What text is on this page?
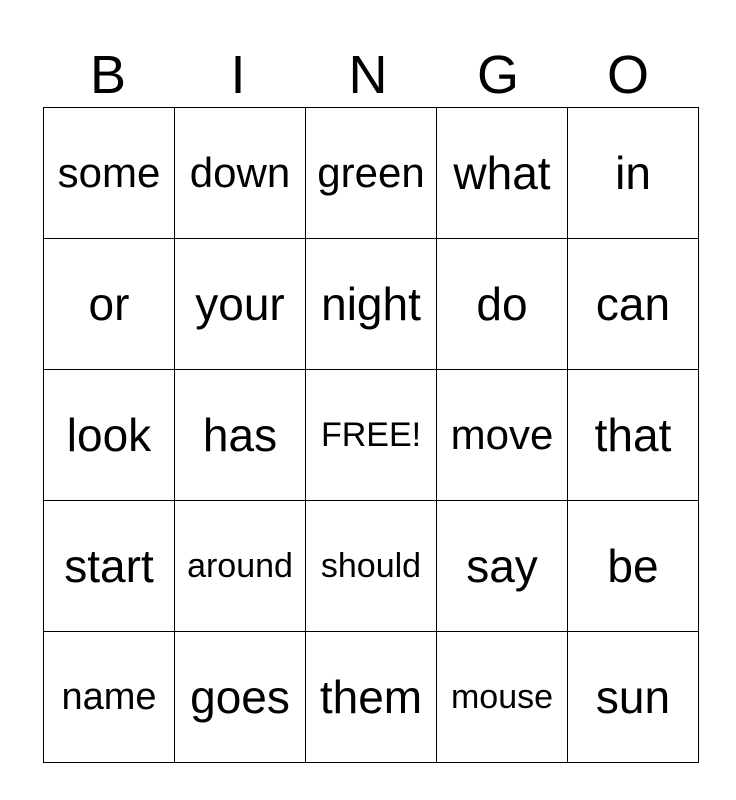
B	I	N	G	O
some	down	green	what	in
or	your	night	do	can
look	has	FREE!	move	that
start	around	should	say	be
name	goes	them	mouse	sun
